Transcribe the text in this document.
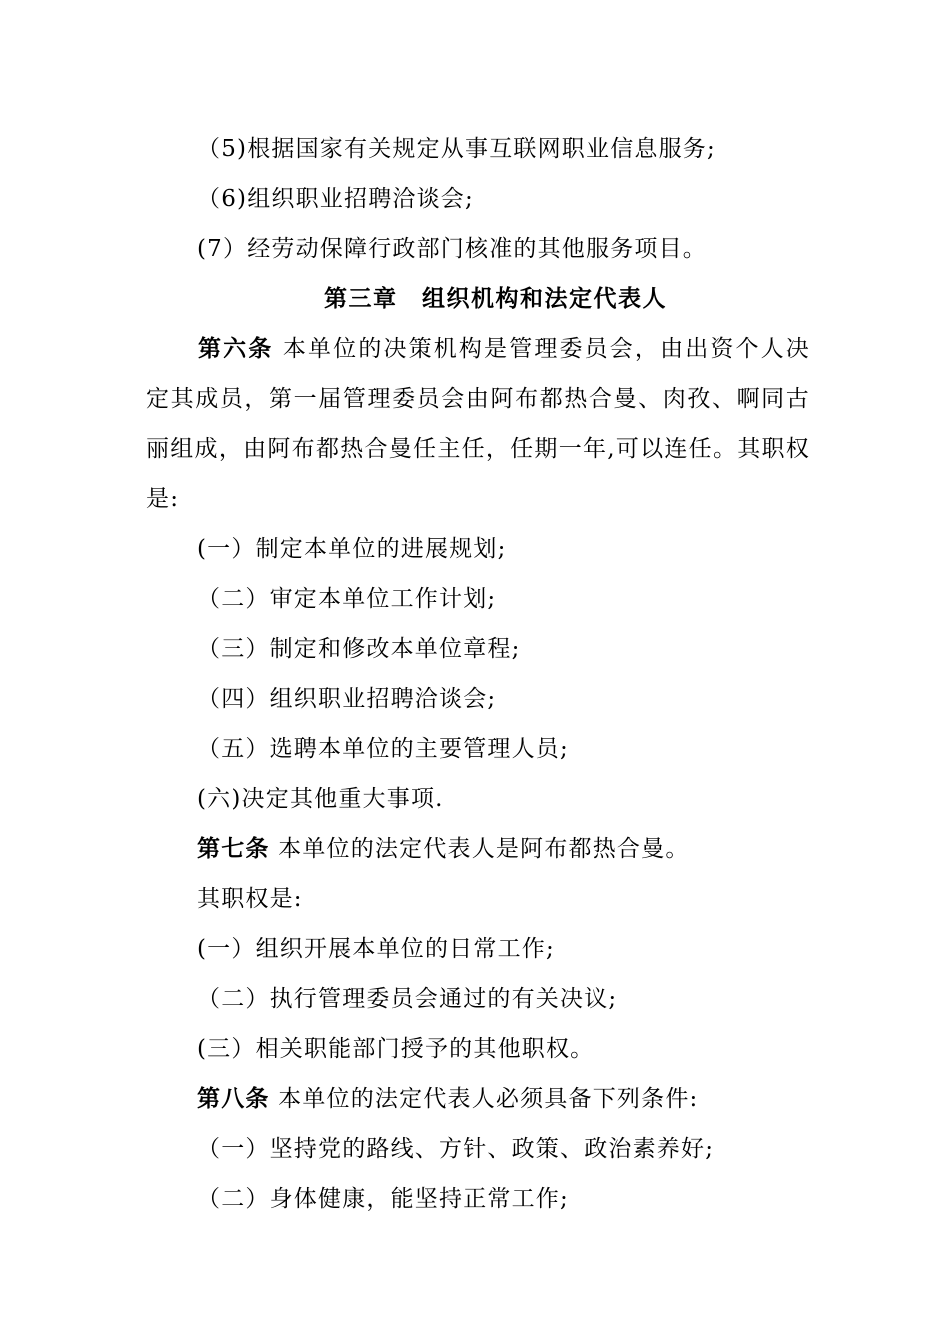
（5)根据国家有关规定从事互联网职业信息服务;
（6)组织职业招聘洽谈会;
(7）经劳动保障行政部门核准的其他服务项目。
第三章　组织机构和法定代表人
第六条 本单位的决策机构是管理委员会，由出资个人决定其成员，第一届管理委员会由阿布都热合曼、肉孜、啊同古丽组成，由阿布都热合曼任主任，任期一年,可以连任。其职权是:
(一）制定本单位的进展规划;
（二）审定本单位工作计划;
（三）制定和修改本单位章程;
（四）组织职业招聘洽谈会;
（五）选聘本单位的主要管理人员;
(六)决定其他重大事项.
第七条 本单位的法定代表人是阿布都热合曼。
其职权是:
(一）组织开展本单位的日常工作;
（二）执行管理委员会通过的有关决议;
(三）相关职能部门授予的其他职权。
第八条 本单位的法定代表人必须具备下列条件:
（一）坚持党的路线、方针、政策、政治素养好;
（二）身体健康，能坚持正常工作;
